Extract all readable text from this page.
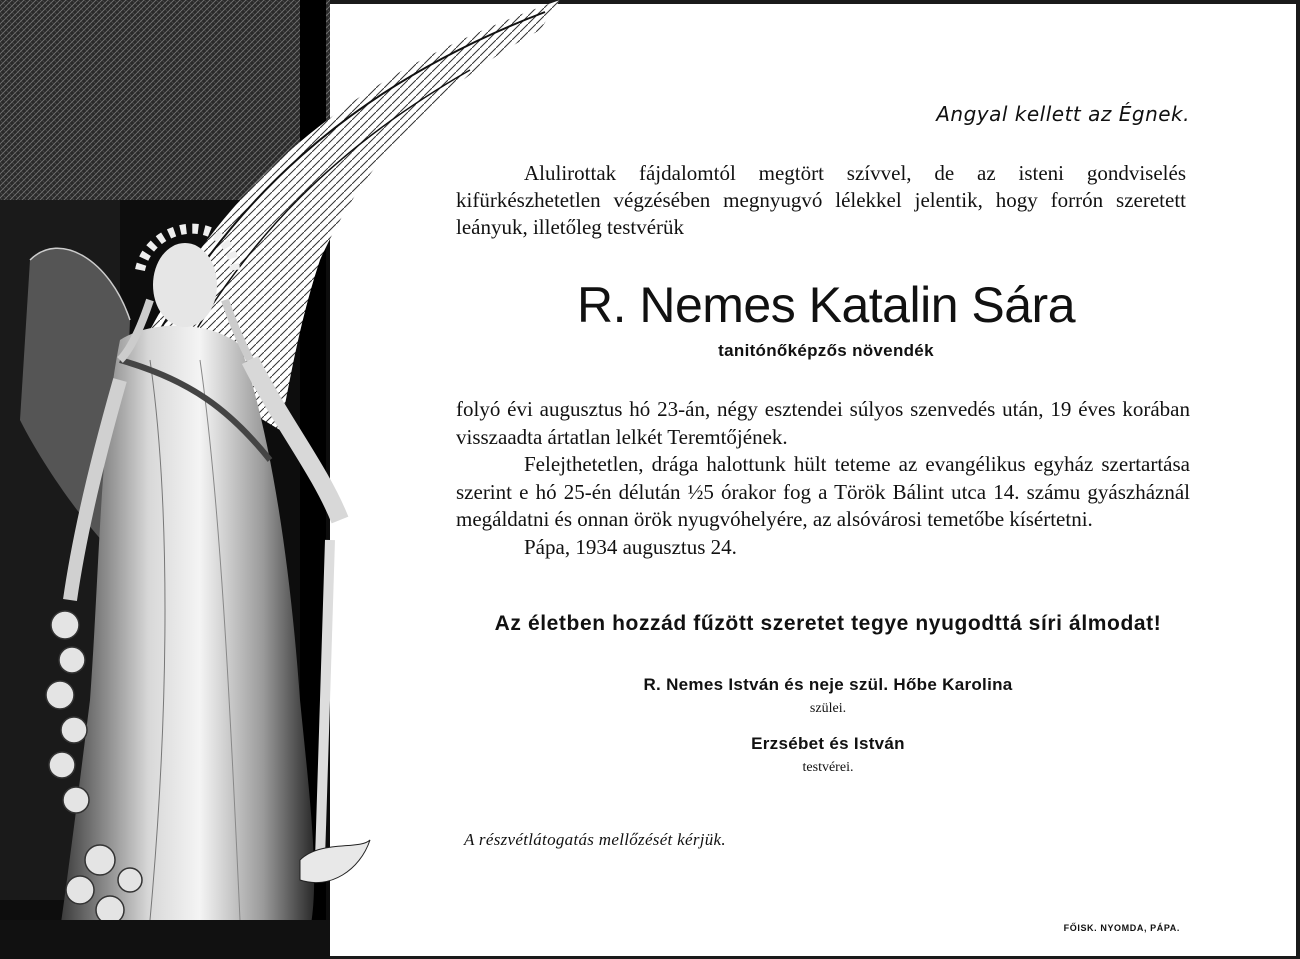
Angyal kellett az Égnek.

Alulirottak fájdalomtól megtört szívvel, de az isteni gondviselés kifürkészhetetlen végzésében megnyugvó lélekkel jelentik, hogy forrón szeretett leányuk, illetőleg testvérük

R. Nemes Katalin Sára
tanitónőképzős növendék

folyó évi augusztus hó 23-án, négy esztendei súlyos szenvedés után, 19 éves korában visszaadta ártatlan lelkét Teremtőjének.

Felejthetetlen, drága halottunk hült teteme az evangélikus egyház szertartása szerint e hó 25-én délután ½5 órakor fog a Török Bálint utca 14. számu gyászháznál megáldatni és onnan örök nyugvóhelyére, az alsóvárosi temetőbe kísértetni.

Pápa, 1934 augusztus 24.

Az életben hozzád fűzött szeretet tegye nyugodttá síri álmodat!
R. Nemes István és neje szül. Hőbe Karolina
szülei.
Erzsébet és István
testvérei.
A részvétlátogatás mellőzését kérjük.
FŐISK. NYOMDA, PÁPA.
